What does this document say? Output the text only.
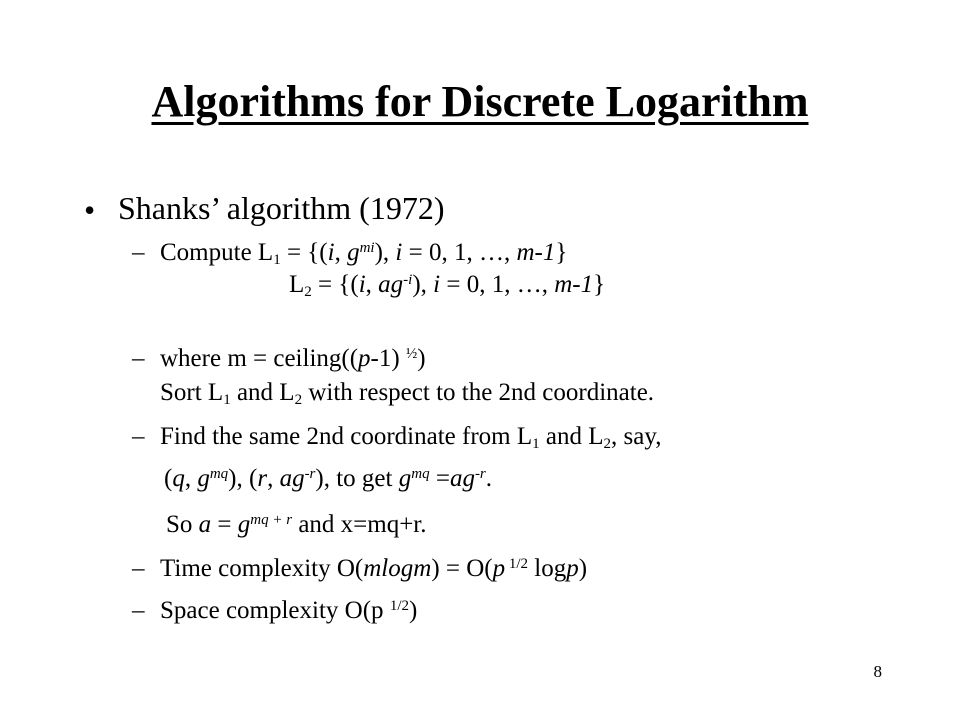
Algorithms for Discrete Logarithm
• Shanks’ algorithm (1972)
– Compute $L_1 = \{(i$, $g^{mi}$), i = 0, 1, …, m-1}
$L_2 = \{(i$, $ag^{-i}$), i = 0, 1, …, m-1}
– where m = ceiling((p-1) $^{\frac{1}{2}}$)
Sort $L_1$ and $L_2$ with respect to the 2nd coordinate.
– Find the same 2nd coordinate from $L_1$ and $L_2$, say,
(q, $g^{mq}$), (r, $ag^{-r}$), to get $g^{mq} =ag^{-r}$.
So $a = g^{mq + r}$ and x=mq+r.
– Time complexity O(mlogm) = O(p $^{1/2}$ logp)
– Space complexity O(p $^{1/2}$)
8
